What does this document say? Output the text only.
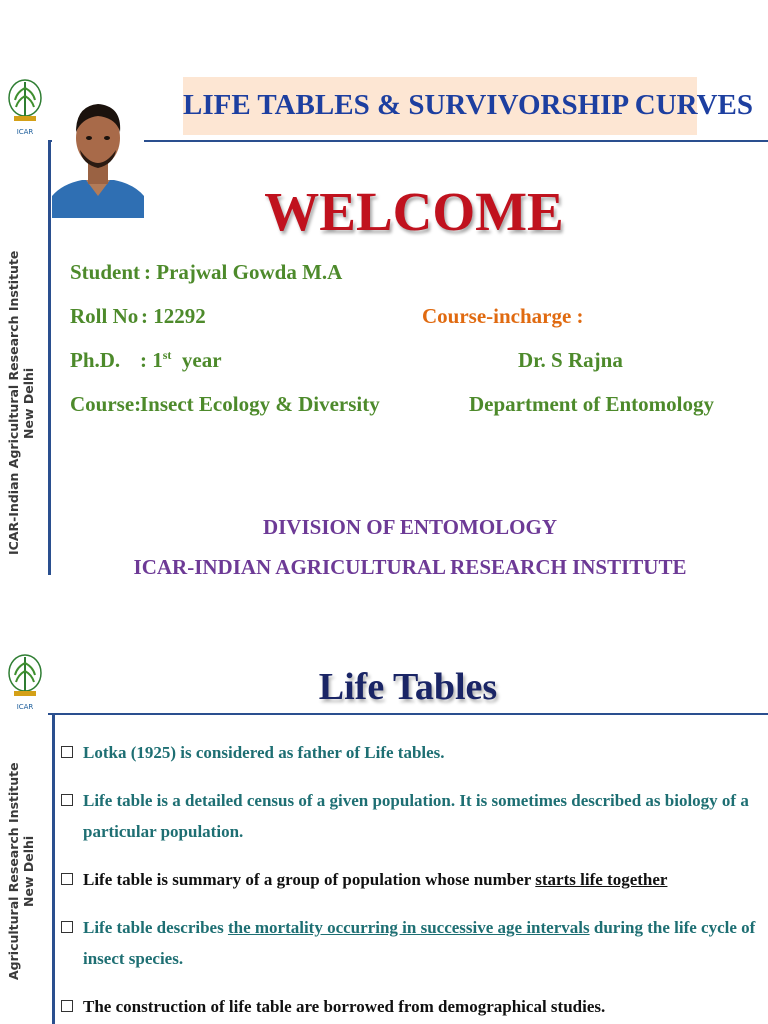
ICAR
ICAR-Indian Agricultural Research Institute New Delhi
LIFE TABLES & SURVIVORSHIP CURVES
WELCOME
Student : Prajwal Gowda M.A
Roll No : 12292
Ph.D. : 1st year
Course:
Insect Ecology & Diversity
Course-incharge :
Dr. S Rajna
Department of Entomology
DIVISION OF ENTOMOLOGY
ICAR-INDIAN AGRICULTURAL RESEARCH INSTITUTE
ICAR
Agricultural Research Institute New Delhi
Life Tables
Lotka (1925) is considered as father of Life tables.
Life table is a detailed census of a given population. It is sometimes described as biology of a particular population.
Life table is summary of a group of population whose number starts life together
Life table describes the mortality occurring in successive age intervals during the life cycle of insect species.
The construction of life table are borrowed from demographical studies.
